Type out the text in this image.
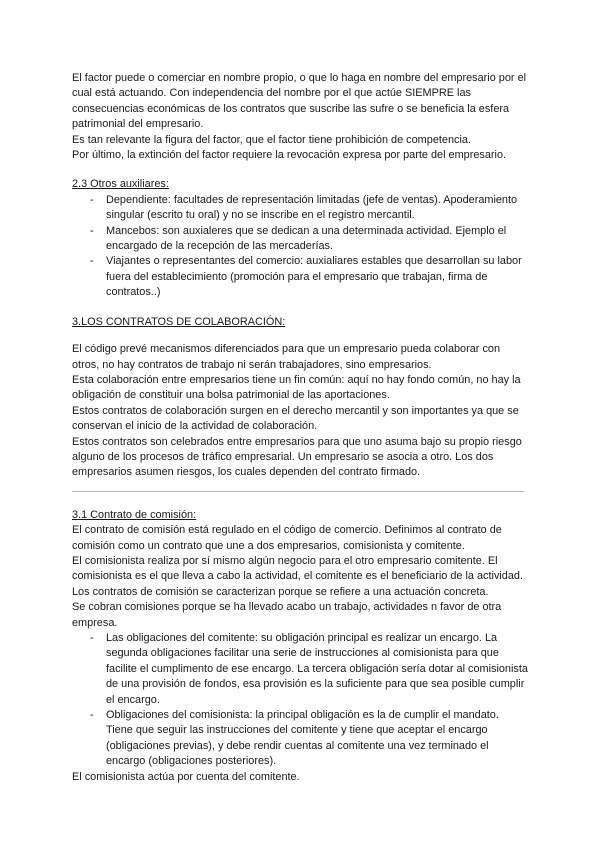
El factor puede o comerciar en nombre propio, o que lo haga en nombre del empresario por el cual está actuando. Con independencia del nombre por el que actúe SIEMPRE las consecuencias económicas de los contratos que suscribe las sufre o se beneficia la esfera patrimonial del empresario.

Es tan relevante la figura del factor, que el factor tiene prohibición de competencia.

Por último, la extinción del factor requiere la revocación expresa por parte del empresario.

2.3 Otros auxiliares:

- Dependiente: facultades de representación limitadas (jefe de ventas). Apoderamiento singular (escrito tu oral) y no se inscribe en el registro mercantil.
- Mancebos: son auxialeres que se dedican a una determinada actividad. Ejemplo el encargado de la recepción de las mercaderías.
- Viajantes o representantes del comercio: auxialiares estables que desarrollan su labor fuera del establecimiento (promoción para el empresario que trabajan, firma de contratos..)

3.LOS CONTRATOS DE COLABORACIÓN:

El código prevé mecanismos diferenciados para que un empresario pueda colaborar con otros, no hay contratos de trabajo ni serán trabajadores, sino empresarios.

Esta colaboración entre empresarios tiene un fin común: aquí no hay fondo común, no hay la obligación de constituir una bolsa patrimonial de las aportaciones.

Estos contratos de colaboración surgen en el derecho mercantil y son importantes ya que se conservan el inicio de la actividad de colaboración.

Estos contratos son celebrados entre empresarios para que uno asuma bajo su propio riesgo alguno de los procesos de tráfico empresarial. Un empresario se asocia a otro. Los dos empresarios asumen riesgos, los cuales dependen del contrato firmado.

3.1 Contrato de comisión:

El contrato de comisión está regulado en el código de comercio. Definimos al contrato de comisión como un contrato que une a dos empresarios, comisionista y comitente.

El comisionista realiza por sí mismo algún negocio para el otro empresario comitente. El comisionista es el que lleva a cabo la actividad, el comitente es el beneficiario de la actividad.

Los contratos de comisión se caracterizan porque se refiere a una actuación concreta.

Se cobran comisiones porque se ha llevado acabo un trabajo, actividades n favor de otra empresa.

- Las obligaciones del comitente: su obligación principal es realizar un encargo. La segunda obligaciones facilitar una serie de instrucciones al comisionista para que facilite el cumplimento de ese encargo. La tercera obligación sería dotar al comisionista de una provisión de fondos, esa provisión es la suficiente para que sea posible cumplir el encargo.
- Obligaciones del comisionista: la principal obligación es la de cumplir el mandato. Tiene que seguir las instrucciones del comitente y tiene que aceptar el encargo (obligaciones previas), y debe rendir cuentas al comitente una vez terminado el encargo (obligaciones posteriores).

El comisionista actúa por cuenta del comitente.
